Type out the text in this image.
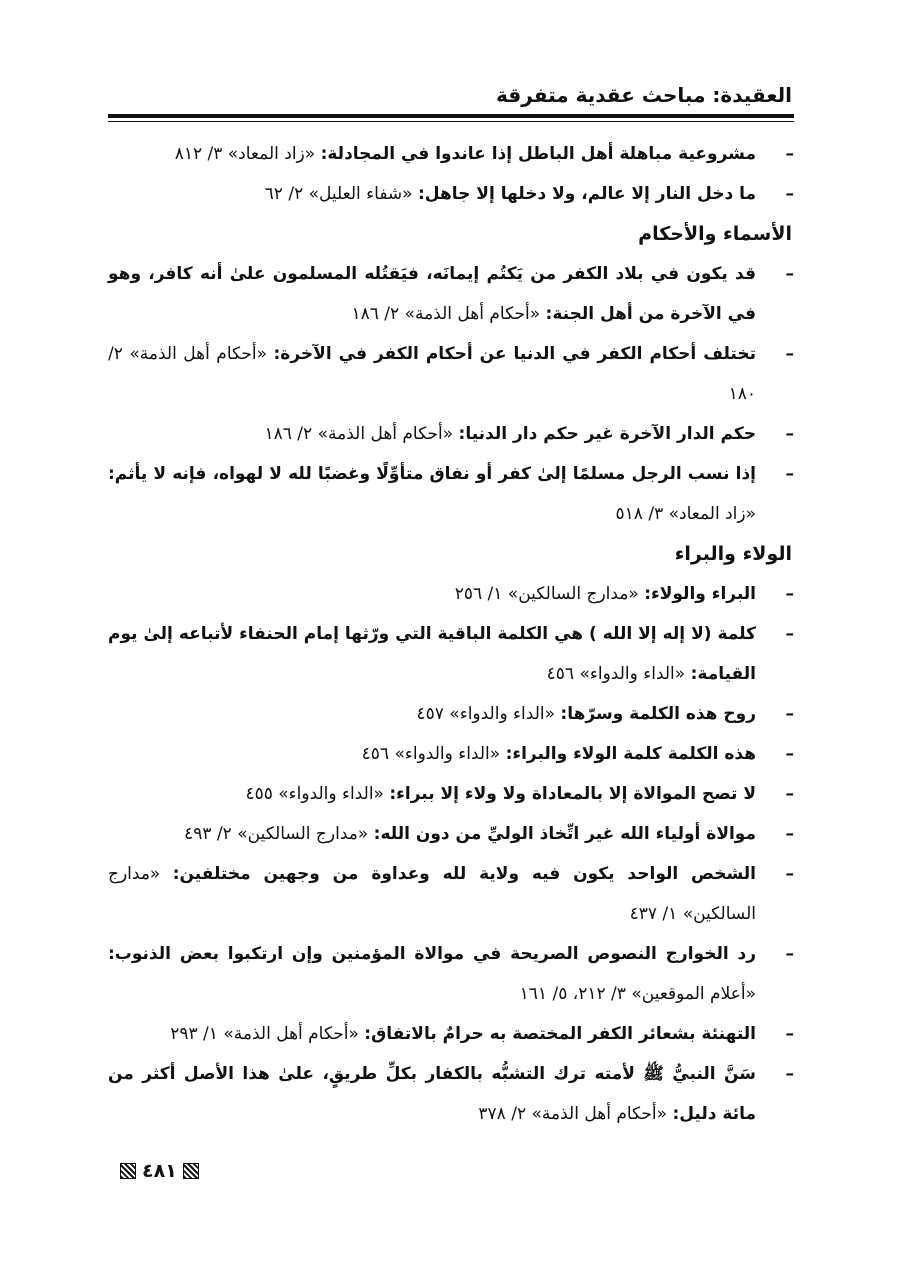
العقيدة: مباحث عقدية متفرقة
–
مشروعية مباهلة أهل الباطل إذا عاندوا في المجادلة: «زاد المعاد» ٣/ ٨١٢
–
ما دخل النار إلا عالم، ولا دخلها إلا جاهل: «شفاء العليل» ٢/ ٦٢
الأسماء والأحكام
–
قد يكون في بلاد الكفر من يَكتُم إيمانَه، فيَقتُله المسلمون علىٰ أنه كافر، وهو في الآخرة من أهل الجنة: «أحكام أهل الذمة» ٢/ ١٨٦
–
تختلف أحكام الكفر في الدنيا عن أحكام الكفر في الآخرة: «أحكام أهل الذمة» ٢/ ١٨٠
–
حكم الدار الآخرة غير حكم دار الدنيا: «أحكام أهل الذمة» ٢/ ١٨٦
–
إذا نسب الرجل مسلمًا إلىٰ كفر أو نفاق متأوِّلًا وغضبًا لله لا لهواه، فإنه لا يأثم: «زاد المعاد» ٣/ ٥١٨
الولاء والبراء
–
البراء والولاء: «مدارج السالكين» ١/ ٢٥٦
–
كلمة (لا إله إلا الله ) هي الكلمة الباقية التي ورّثها إمام الحنفاء لأتباعه إلىٰ يوم القيامة: «الداء والدواء» ٤٥٦
–
روح هذه الكلمة وسرّها: «الداء والدواء» ٤٥٧
–
هذه الكلمة كلمة الولاء والبراء: «الداء والدواء» ٤٥٦
–
لا تصح الموالاة إلا بالمعاداة ولا ولاء إلا ببراء: «الداء والدواء» ٤٥٥
–
موالاة أولياء الله غير اتِّخاذ الوليِّ من دون الله: «مدارج السالكين» ٢/ ٤٩٣
–
الشخص الواحد يكون فيه ولاية لله وعداوة من وجهين مختلفين: «مدارج السالكين» ١/ ٤٣٧
–
رد الخوارج النصوص الصريحة في موالاة المؤمنين وإن ارتكبوا بعض الذنوب: «أعلام الموقعين» ٣/ ٢١٢، ٥/ ١٦١
–
التهنئة بشعائر الكفر المختصة به حرامٌ بالاتفاق: «أحكام أهل الذمة» ١/ ٢٩٣
–
سَنَّ النبيُّ ﷺ لأمته ترك التشبُّه بالكفار بكلِّ طريقٍ، علىٰ هذا الأصل أكثر من مائة دليل: «أحكام أهل الذمة» ٢/ ٣٧٨
٤٨١
